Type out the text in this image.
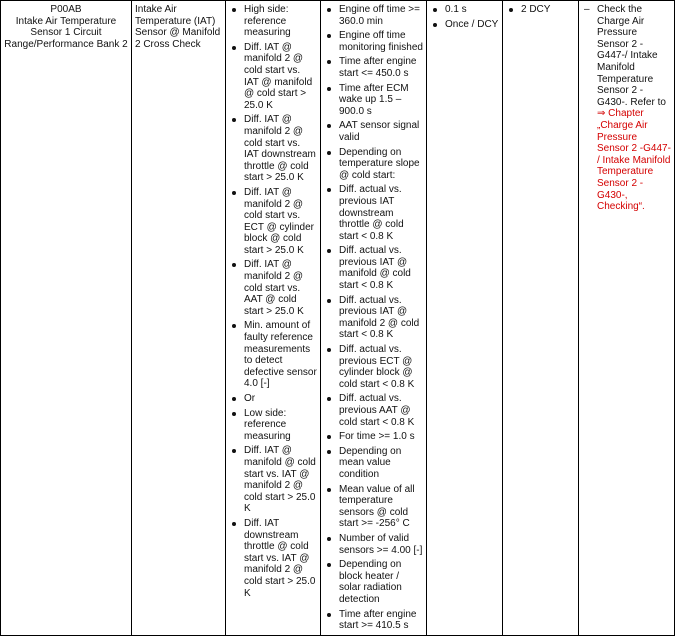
P00AB
Intake Air Temperature Sensor 1 Circuit Range/Performance Bank 2

Intake Air Temperature (IAT) Sensor @ Manifold 2 Cross Check

High side: reference measuring
Diff. IAT @ manifold 2 @ cold start vs. IAT @ manifold @ cold start > 25.0 K
Diff. IAT @ manifold 2 @ cold start vs. IAT downstream throttle @ cold start > 25.0 K
Diff. IAT @ manifold 2 @ cold start vs. ECT @ cylinder block @ cold start > 25.0 K
Diff. IAT @ manifold 2 @ cold start vs. AAT @ cold start > 25.0 K
Min. amount of faulty reference measurements to detect defective sensor 4.0 [-]
Or
Low side: reference measuring
Diff. IAT @ manifold @ cold start vs. IAT @ manifold 2 @ cold start > 25.0 K
Diff. IAT downstream throttle @ cold start vs. IAT @ manifold 2 @ cold start > 25.0 K

Engine off time >= 360.0 min
Engine off time monitoring finished
Time after engine start <= 450.0 s
Time after ECM wake up 1.5 – 900.0 s
AAT sensor signal valid
Depending on temperature slope @ cold start:
Diff. actual vs. previous IAT downstream throttle @ cold start < 0.8 K
Diff. actual vs. previous IAT @ manifold @ cold start < 0.8 K
Diff. actual vs. previous IAT @ manifold 2 @ cold start < 0.8 K
Diff. actual vs. previous ECT @ cylinder block @ cold start < 0.8 K
Diff. actual vs. previous AAT @ cold start < 0.8 K
For time >= 1.0 s
Depending on mean value condition
Mean value of all temperature sensors @ cold start >= -256° C
Number of valid sensors >= 4.00 [-]
Depending on block heater / solar radiation detection
Time after engine start >= 410.5 s

0.1 s
Once / DCY

2 DCY

–Check the Charge Air Pressure Sensor 2 -G447-/ Intake Manifold Temperature Sensor 2 -G430-. Refer to ⇒ Chapter „Charge Air Pressure Sensor 2 -G447- / Intake Manifold Temperature Sensor 2 -G430-, Checking“.
